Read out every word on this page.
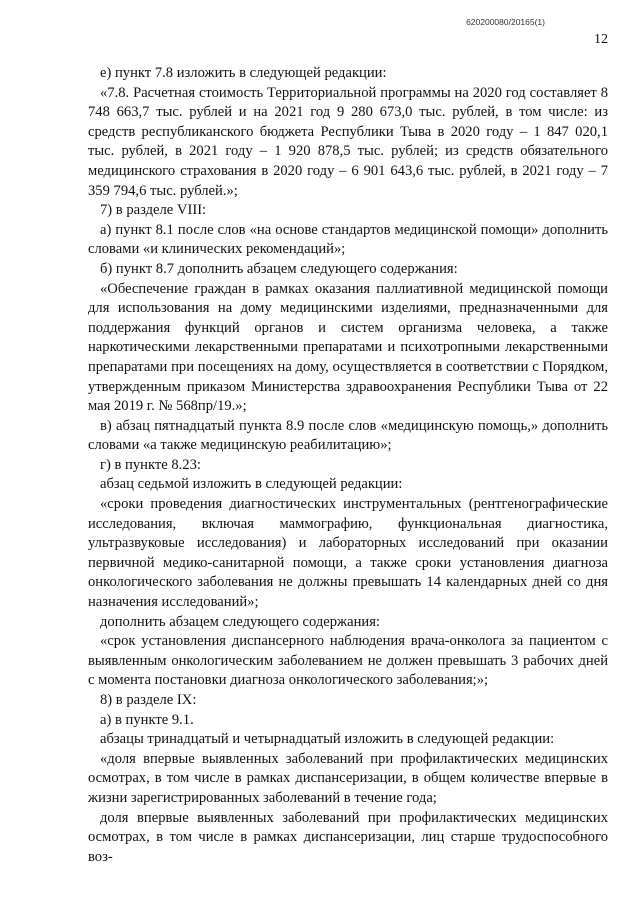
620200080/20165(1)
12

е) пункт 7.8 изложить в следующей редакции:

«7.8. Расчетная стоимость Территориальной программы на 2020 год составляет 8 748 663,7 тыс. рублей и на 2021 год 9 280 673,0 тыс. рублей, в том числе: из средств республиканского бюджета Республики Тыва в 2020 году – 1 847 020,1 тыс. рублей, в 2021 году – 1 920 878,5 тыс. рублей; из средств обязательного медицинского страхования в 2020 году – 6 901 643,6 тыс. рублей, в 2021 году – 7 359 794,6 тыс. рублей.»;

7) в разделе VIII:

а) пункт 8.1 после слов «на основе стандартов медицинской помощи» дополнить словами «и клинических рекомендаций»;

б) пункт 8.7 дополнить абзацем следующего содержания:

«Обеспечение граждан в рамках оказания паллиативной медицинской помощи для использования на дому медицинскими изделиями, предназначенными для поддержания функций органов и систем организма человека, а также наркотическими лекарственными препаратами и психотропными лекарственными препаратами при посещениях на дому, осуществляется в соответствии с Порядком, утвержденным приказом Министерства здравоохранения Республики Тыва от 22 мая 2019 г. № 568пр/19.»;

в) абзац пятнадцатый пункта 8.9 после слов «медицинскую помощь,» дополнить словами «а также медицинскую реабилитацию»;

г) в пункте 8.23:

абзац седьмой изложить в следующей редакции:

«сроки проведения диагностических инструментальных (рентгенографические исследования, включая маммографию, функциональная диагностика, ультразвуковые исследования) и лабораторных исследований при оказании первичной медико-санитарной помощи, а также сроки установления диагноза онкологического заболевания не должны превышать 14 календарных дней со дня назначения исследований»;

дополнить абзацем следующего содержания:

«срок установления диспансерного наблюдения врача-онколога за пациентом с выявленным онкологическим заболеванием не должен превышать 3 рабочих дней с момента постановки диагноза онкологического заболевания;»;

8) в разделе IX:

а) в пункте 9.1.

абзацы тринадцатый и четырнадцатый изложить в следующей редакции:

«доля впервые выявленных заболеваний при профилактических медицинских осмотрах, в том числе в рамках диспансеризации, в общем количестве впервые в жизни зарегистрированных заболеваний в течение года;

доля впервые выявленных заболеваний при профилактических медицинских осмотрах, в том числе в рамках диспансеризации, лиц старше трудоспособного воз-
